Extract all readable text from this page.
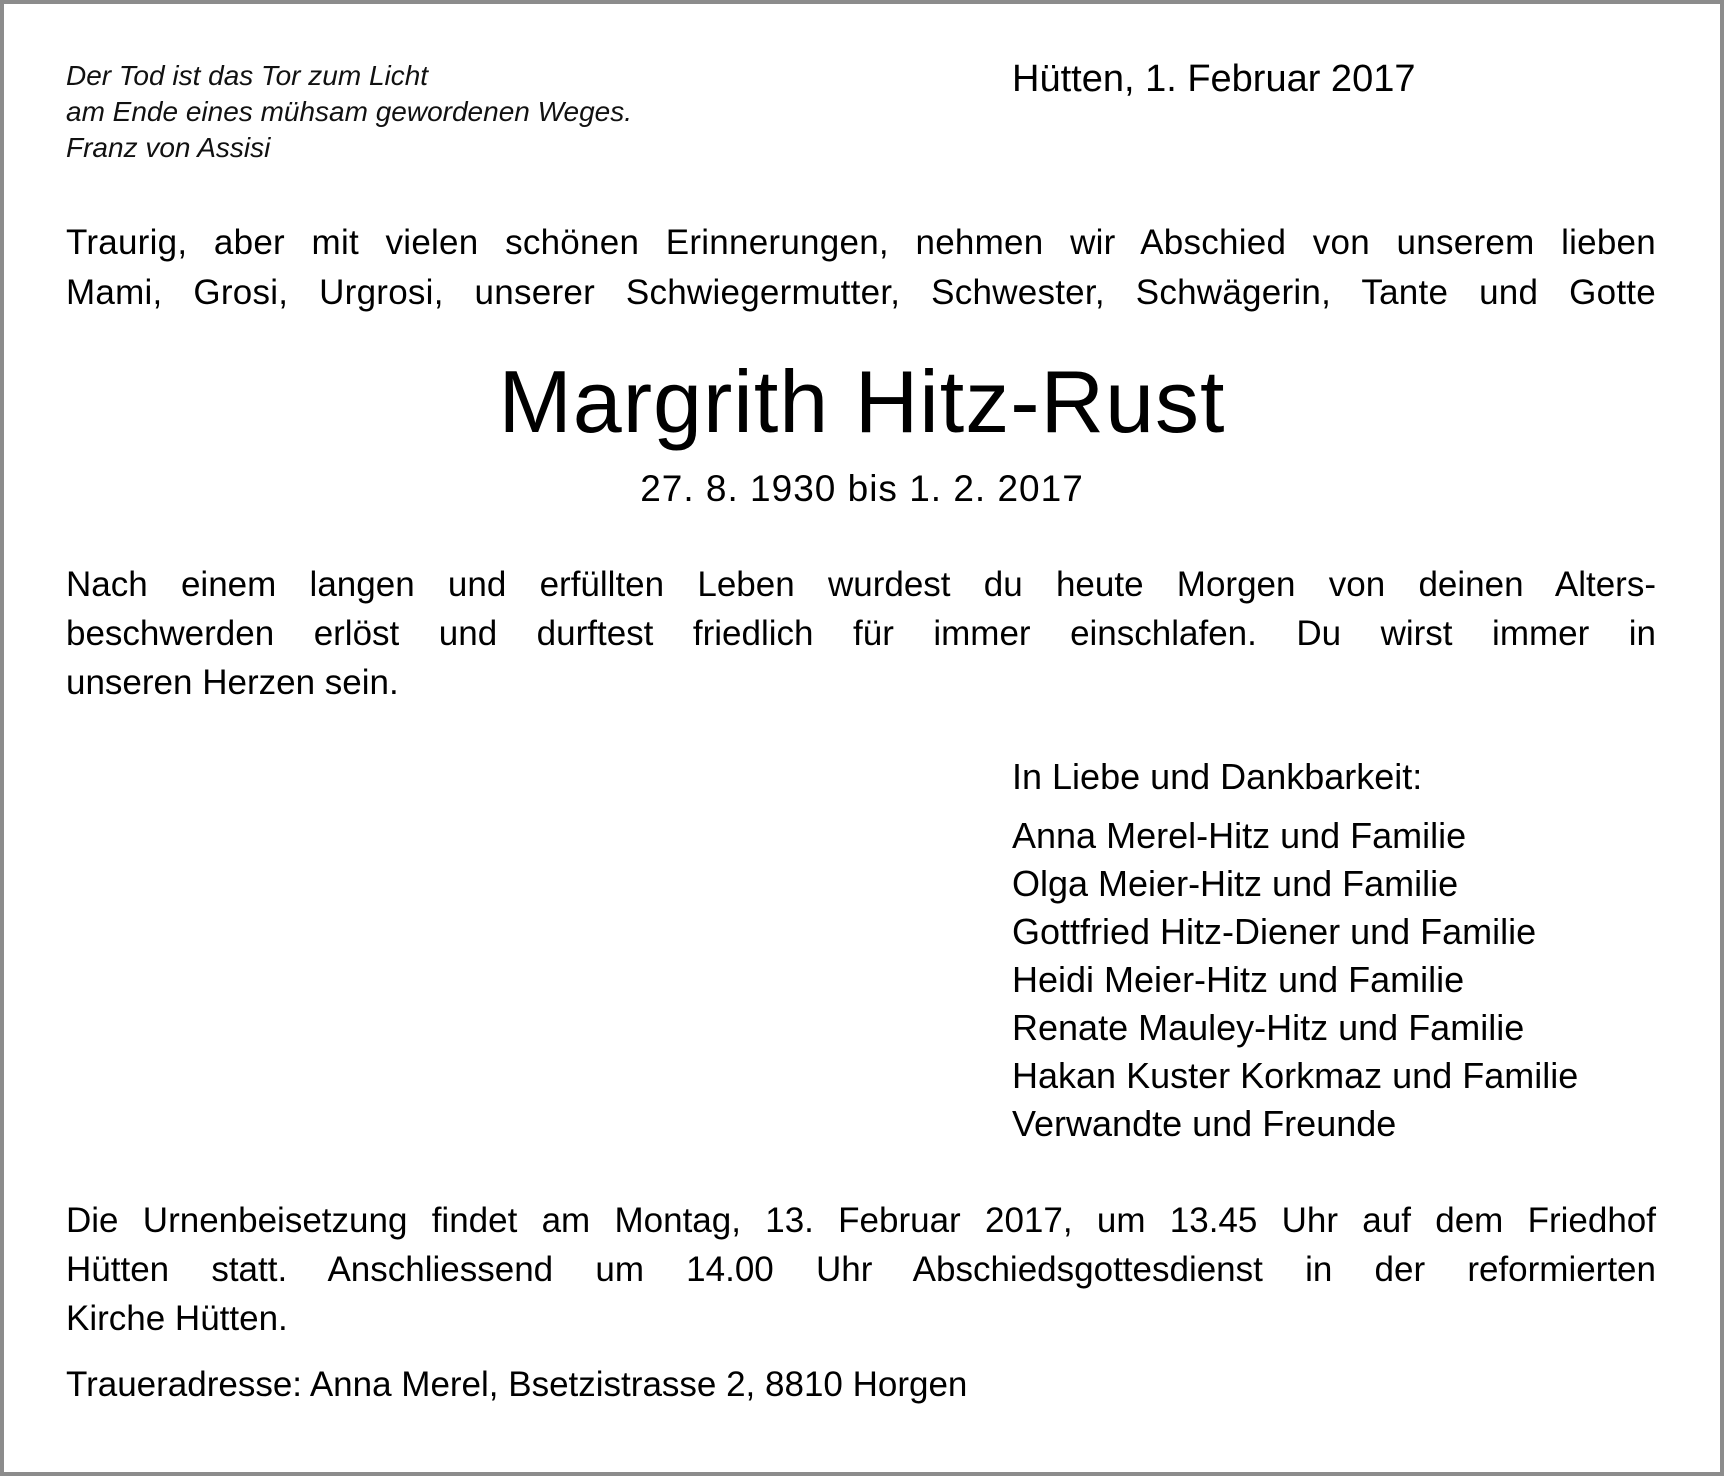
Der Tod ist das Tor zum Licht
am Ende eines mühsam gewordenen Weges.
Franz von Assisi
Hütten, 1. Februar 2017
Traurig, aber mit vielen schönen Erinnerungen, nehmen wir Abschied von unserem lieben
Mami, Grosi, Urgrosi, unserer Schwiegermutter, Schwester, Schwägerin, Tante und Gotte
Margrith Hitz-Rust
27. 8. 1930 bis 1. 2. 2017
Nach einem langen und erfüllten Leben wurdest du heute Morgen von deinen Alters-
beschwerden erlöst und durftest friedlich für immer einschlafen. Du wirst immer in
unseren Herzen sein.
In Liebe und Dankbarkeit:
Anna Merel-Hitz und Familie
Olga Meier-Hitz und Familie
Gottfried Hitz-Diener und Familie
Heidi Meier-Hitz und Familie
Renate Mauley-Hitz und Familie
Hakan Kuster Korkmaz und Familie
Verwandte und Freunde
Die Urnenbeisetzung findet am Montag, 13. Februar 2017, um 13.45 Uhr auf dem Friedhof
Hütten statt. Anschliessend um 14.00 Uhr Abschiedsgottesdienst in der reformierten
Kirche Hütten.
Traueradresse: Anna Merel, Bsetzistrasse 2, 8810 Horgen
